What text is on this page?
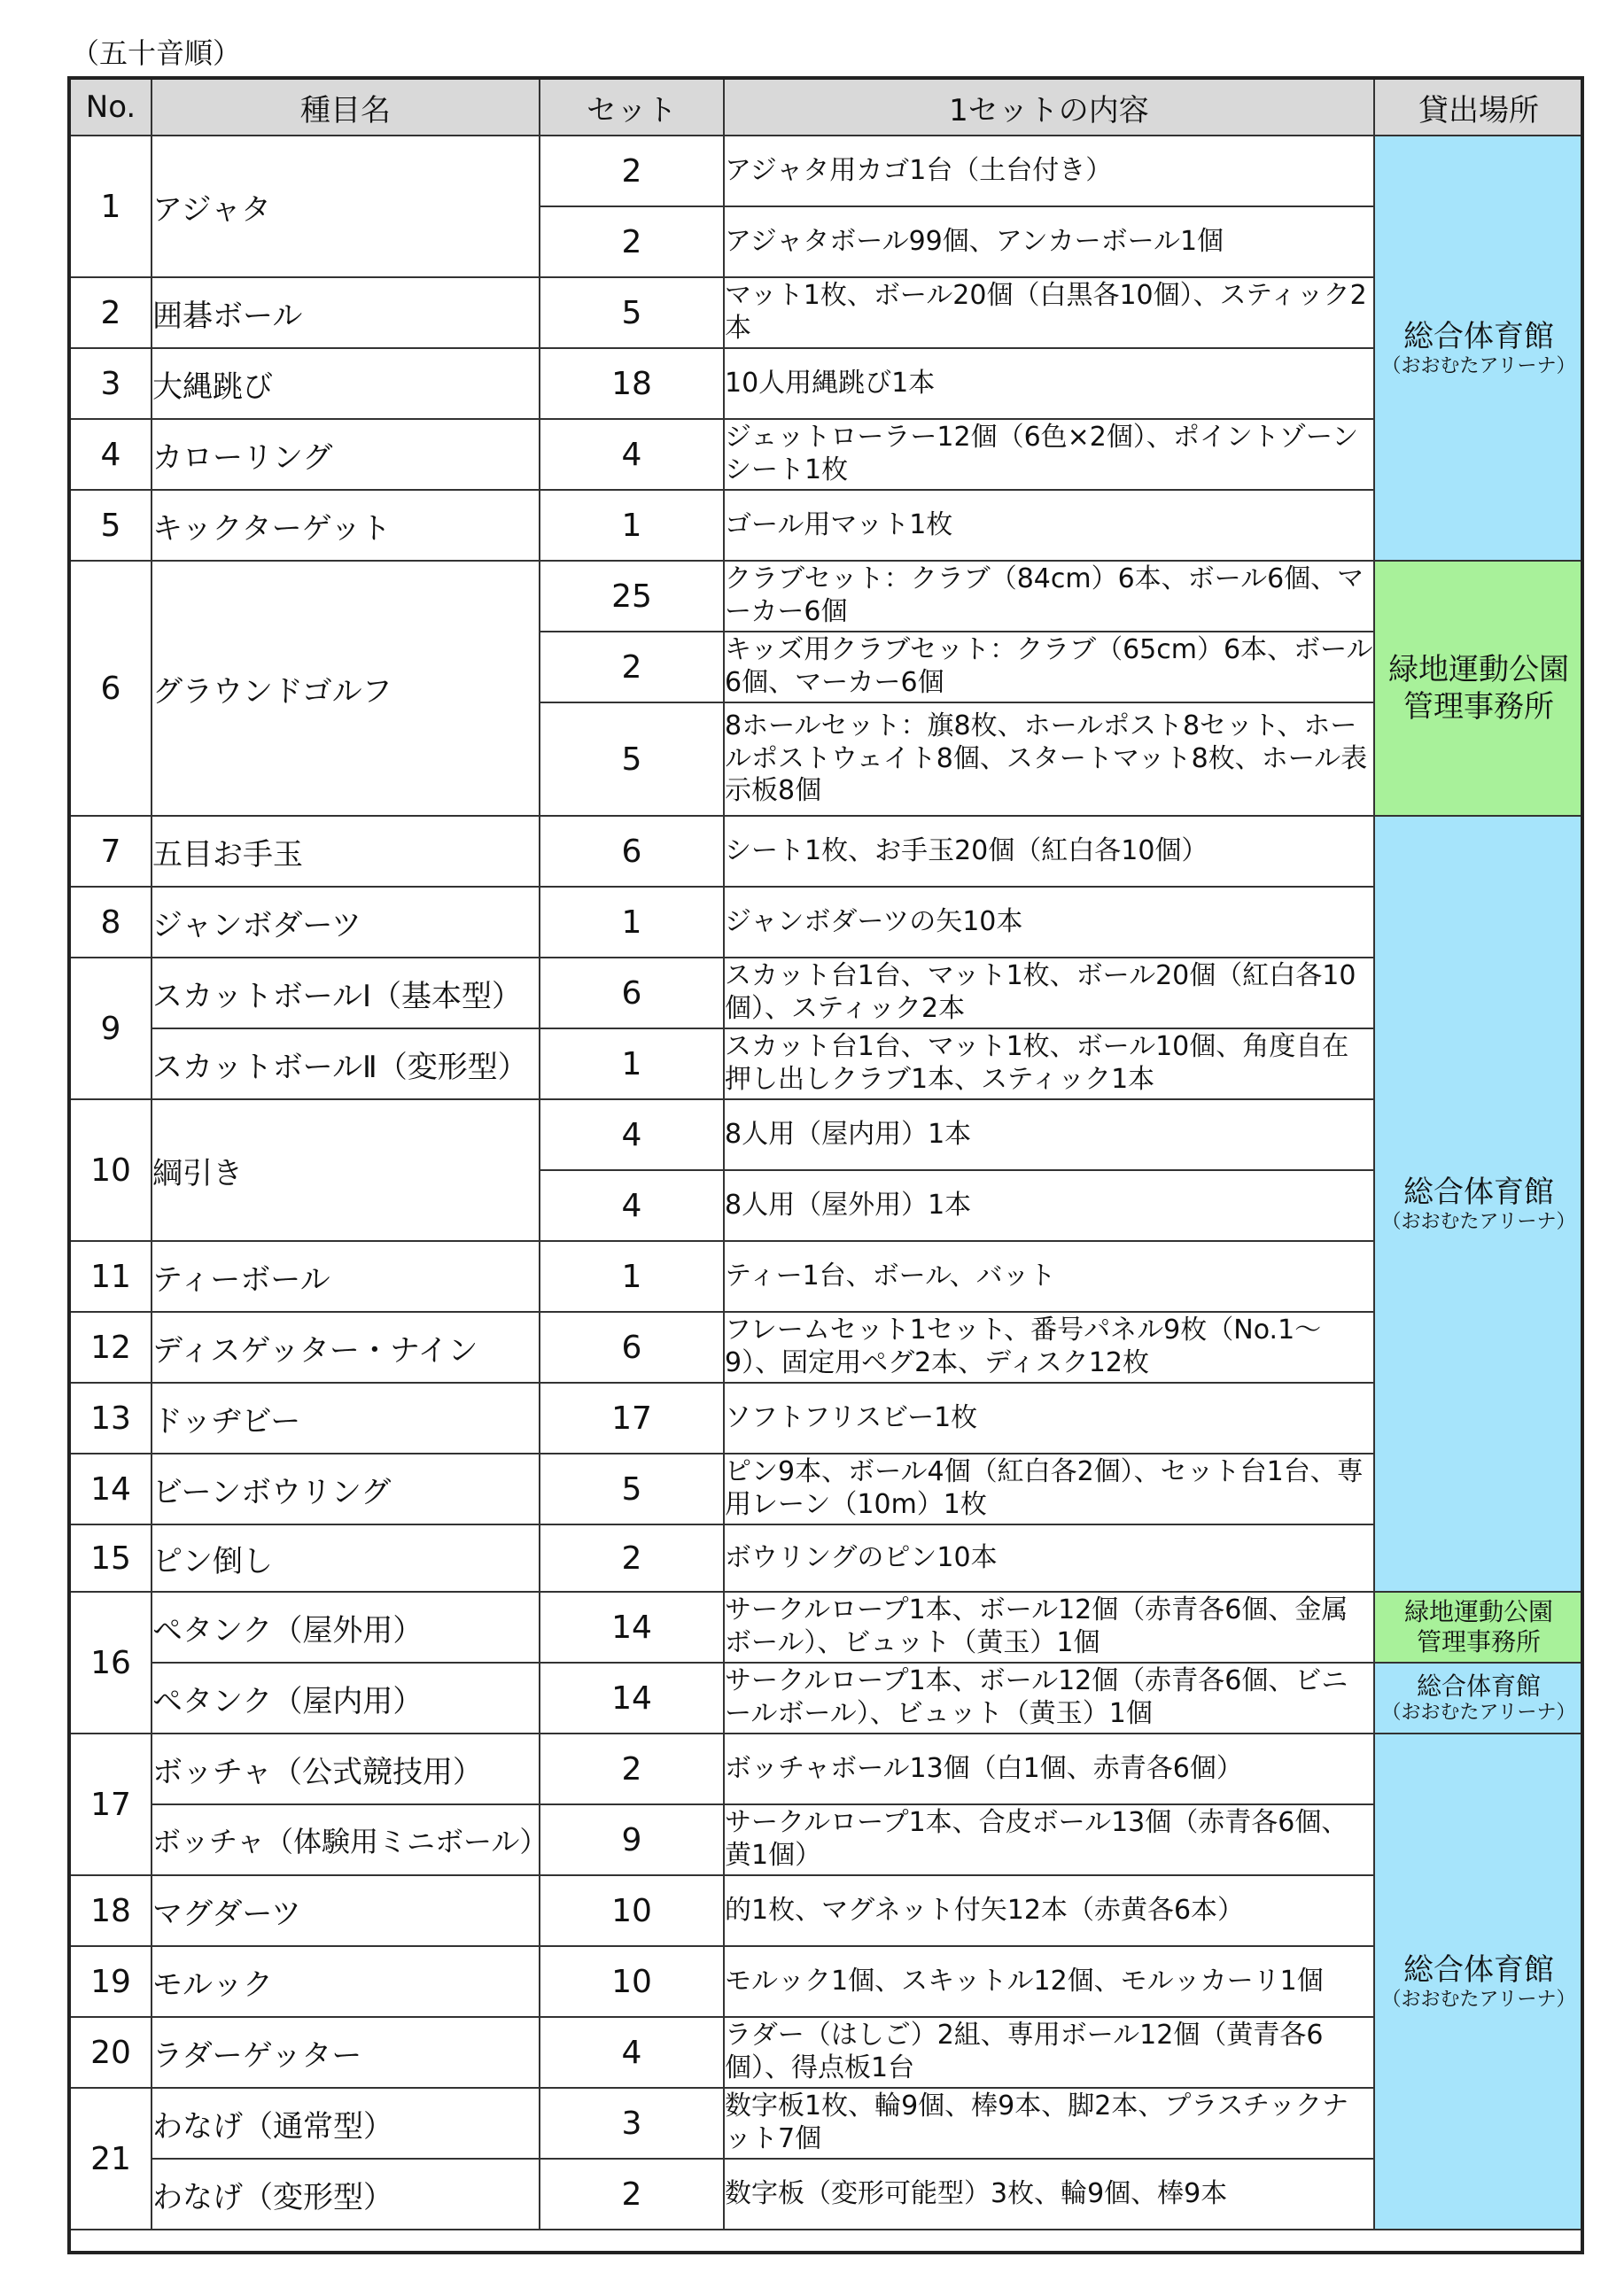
（五十音順）
No.	種目名	セット	1セットの内容	貸出場所
1	アジャタ	2	アジャタ用カゴ1台（土台付き）	総合体育館
（おおむたアリーナ）

		2	アジャタボール99個、アンカーボール1個	
2	囲碁ボール	5	マット1枚、ボール20個（白黒各10個）、スティック2本	
3	大縄跳び	18	10人用縄跳び1本	
4	カローリング	4	ジェットローラー12個（6色×2個）、ポイントゾーンシート1枚	
5	キックターゲット	1	ゴール用マット1枚	
6	グラウンドゴルフ	25	クラブセット：クラブ（84cm）6本、ボール6個、マーカー6個	緑地運動公園
管理事務所

		2	キッズ用クラブセット：クラブ（65cm）6本、ボール6個、マーカー6個	
		5	8ホールセット：旗8枚、ホールポスト8セット、ホールポストウェイト8個、スタートマット8枚、ホール表示板8個	
7	五目お手玉	6	シート1枚、お手玉20個（紅白各10個）	総合体育館
（おおむたアリーナ）

8	ジャンボダーツ	1	ジャンボダーツの矢10本	
9	スカットボールⅠ（基本型）	6	スカット台1台、マット1枚、ボール20個（紅白各10個）、スティック2本	
	スカットボールⅡ（変形型）	1	スカット台1台、マット1枚、ボール10個、角度自在押し出しクラブ1本、スティック1本	
10	綱引き	4	8人用（屋内用）1本	
		4	8人用（屋外用）1本	
11	ティーボール	1	ティー1台、ボール、バット	
12	ディスゲッター・ナイン	6	フレームセット1セット、番号パネル9枚（No.1～9）、固定用ペグ2本、ディスク12枚	
13	ドッヂビー	17	ソフトフリスビー1枚	
14	ビーンボウリング	5	ピン9本、ボール4個（紅白各2個）、セット台1台、専用レーン（10m）1枚	
15	ピン倒し	2	ボウリングのピン10本	
16	ペタンク（屋外用）	14	サークルロープ1本、ボール12個（赤青各6個、金属ボール）、ビュット（黄玉）1個	緑地運動公園
管理事務所

	ペタンク（屋内用）	14	サークルロープ1本、ボール12個（赤青各6個、ビニールボール）、ビュット（黄玉）1個	総合体育館
（おおむたアリーナ）

17	ボッチャ（公式競技用）	2	ボッチャボール13個（白1個、赤青各6個）	総合体育館
（おおむたアリーナ）

	ボッチャ（体験用ミニボール）	9	サークルロープ1本、合皮ボール13個（赤青各6個、黄1個）	
18	マグダーツ	10	的1枚、マグネット付矢12本（赤黄各6本）	
19	モルック	10	モルック1個、スキットル12個、モルッカーリ1個	
20	ラダーゲッター	4	ラダー（はしご）2組、専用ボール12個（黄青各6個）、得点板1台	
21	わなげ（通常型）	3	数字板1枚、輪9個、棒9本、脚2本、プラスチックナット7個	
	わなげ（変形型）	2	数字板（変形可能型）3枚、輪9個、棒9本	
